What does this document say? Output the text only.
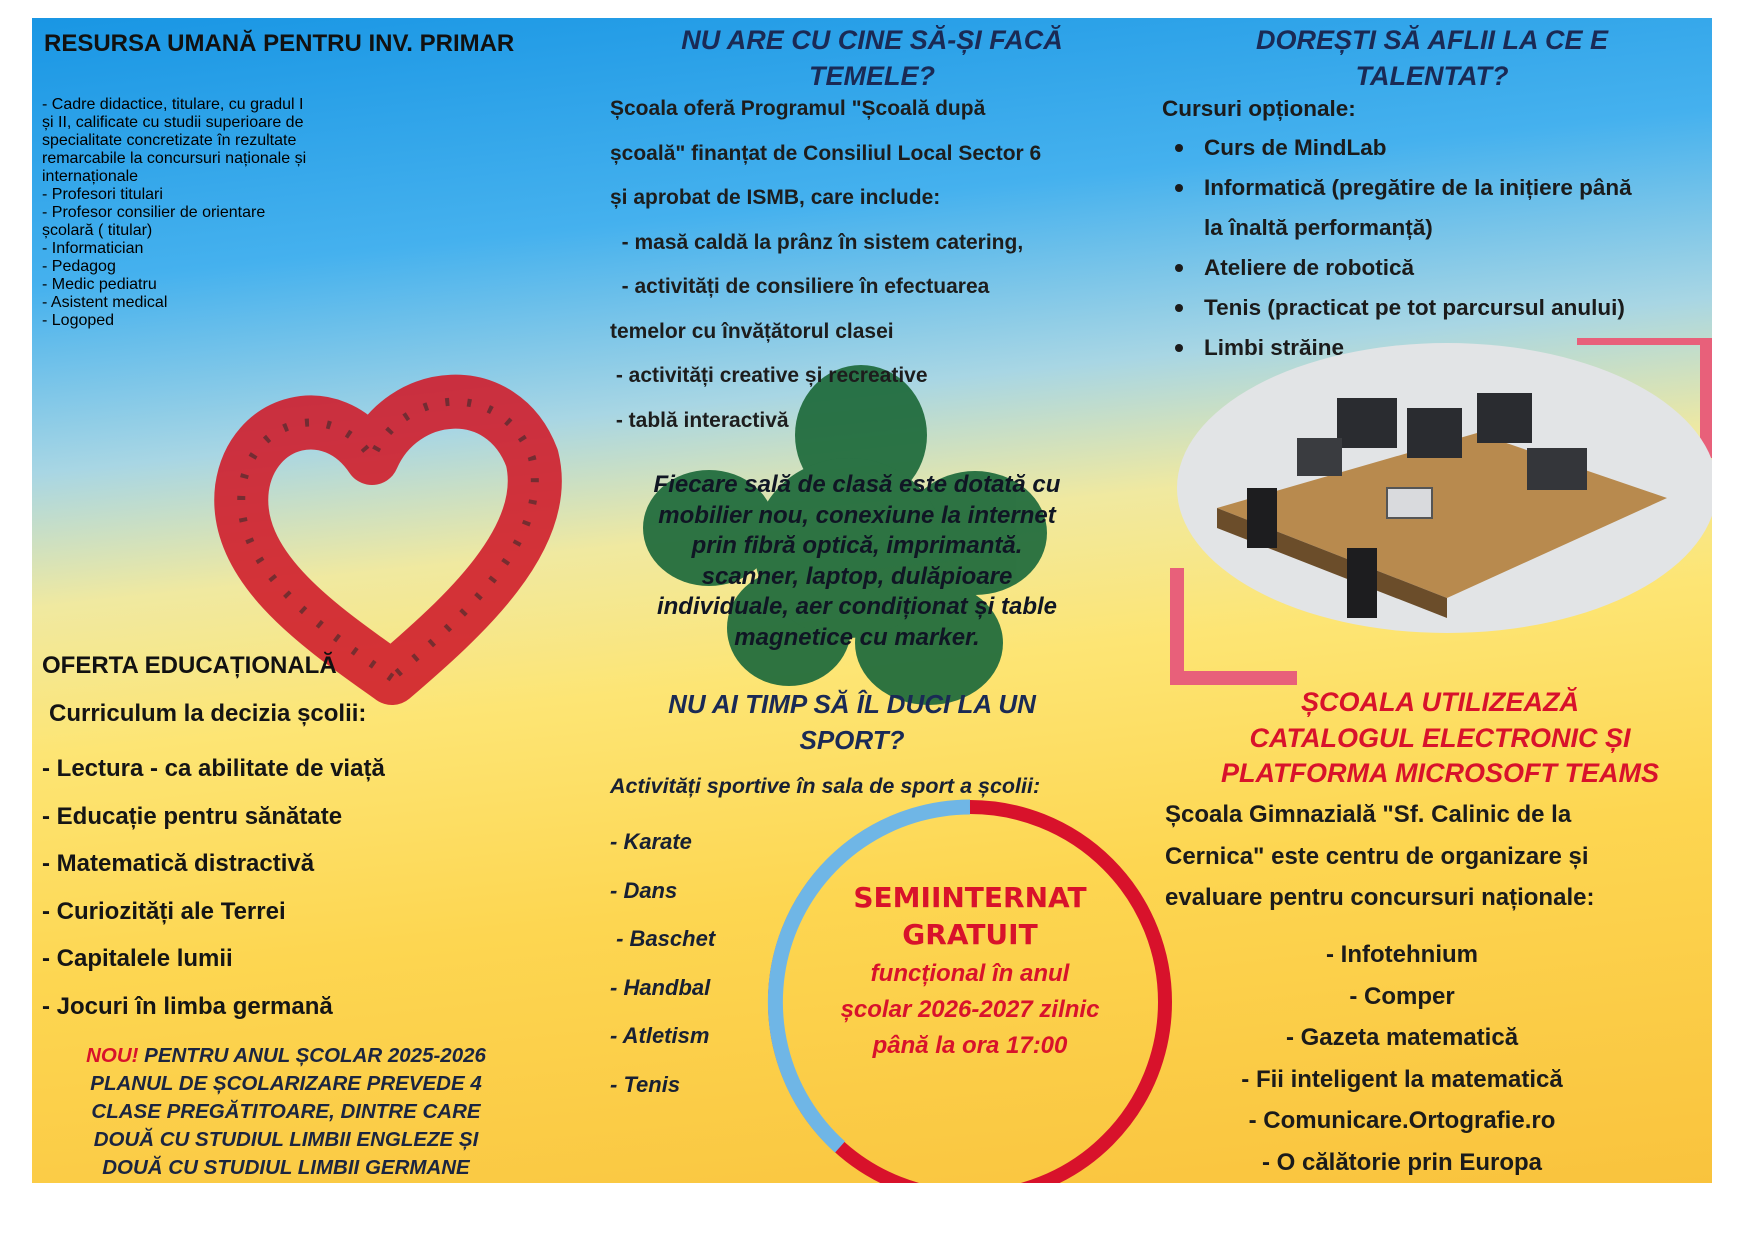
RESURSA UMANĂ PENTRU INV. PRIMAR
- Cadre didactice, titulare, cu gradul I
și II, calificate cu studii superioare de
specialitate concretizate în rezultate
remarcabile la concursuri naționale și
internaționale
- Profesori titulari
- Profesor consilier de orientare
școlară ( titular)
- Informatician
- Pedagog
- Medic pediatru
- Asistent medical
- Logoped
OFERTA EDUCAȚIONALĂ
Curriculum la decizia școlii:
- Lectura - ca abilitate de viață
- Educație pentru sănătate
- Matematică distractivă
- Curiozități ale Terrei
- Capitalele lumii
- Jocuri în limba germană
NOU! PENTRU ANUL ȘCOLAR 2025-2026
PLANUL DE ȘCOLARIZARE PREVEDE 4
CLASE PREGĂTITOARE, DINTRE CARE
DOUĂ CU STUDIUL LIMBII ENGLEZE ȘI
DOUĂ CU STUDIUL LIMBII GERMANE
NU ARE CU CINE SĂ-ȘI FACĂ
TEMELE?
Școala oferă Programul "Școală după
școală" finanțat de Consiliul Local Sector 6
și aprobat de ISMB, care include:
- masă caldă la prânz în sistem catering,
- activități de consiliere în efectuarea
temelor cu învățătorul clasei
- activități creative și recreative
- tablă interactivă
Fiecare sală de clasă este dotată cu
mobilier nou, conexiune la internet
prin fibră optică, imprimantă.
scanner, laptop, dulăpioare
individuale, aer condiționat și table
magnetice cu marker.
NU AI TIMP SĂ ÎL DUCI LA UN
SPORT?
Activități sportive în sala de sport a școlii:
- Karate
- Dans
- Baschet
- Handbal
- Atletism
- Tenis
SEMIINTERNAT
GRATUIT
funcțional în anul
școlar 2026-2027 zilnic
până la ora 17:00
DOREȘTI SĂ AFLII LA CE E
TALENTAT?
Cursuri opționale:
Curs de MindLab
Informatică (pregătire de la inițiere până
la înaltă performanță)
Ateliere de robotică
Tenis (practicat pe tot parcursul anului)
Limbi străine
ȘCOALA UTILIZEAZĂ
CATALOGUL ELECTRONIC ȘI
PLATFORMA MICROSOFT TEAMS
Școala Gimnazială "Sf. Calinic de la
Cernica" este centru de organizare și
evaluare pentru concursuri naționale:
- Infotehnium
- Comper
- Gazeta matematică
- Fii inteligent la matematică
- Comunicare.Ortografie.ro
- O călătorie prin Europa
